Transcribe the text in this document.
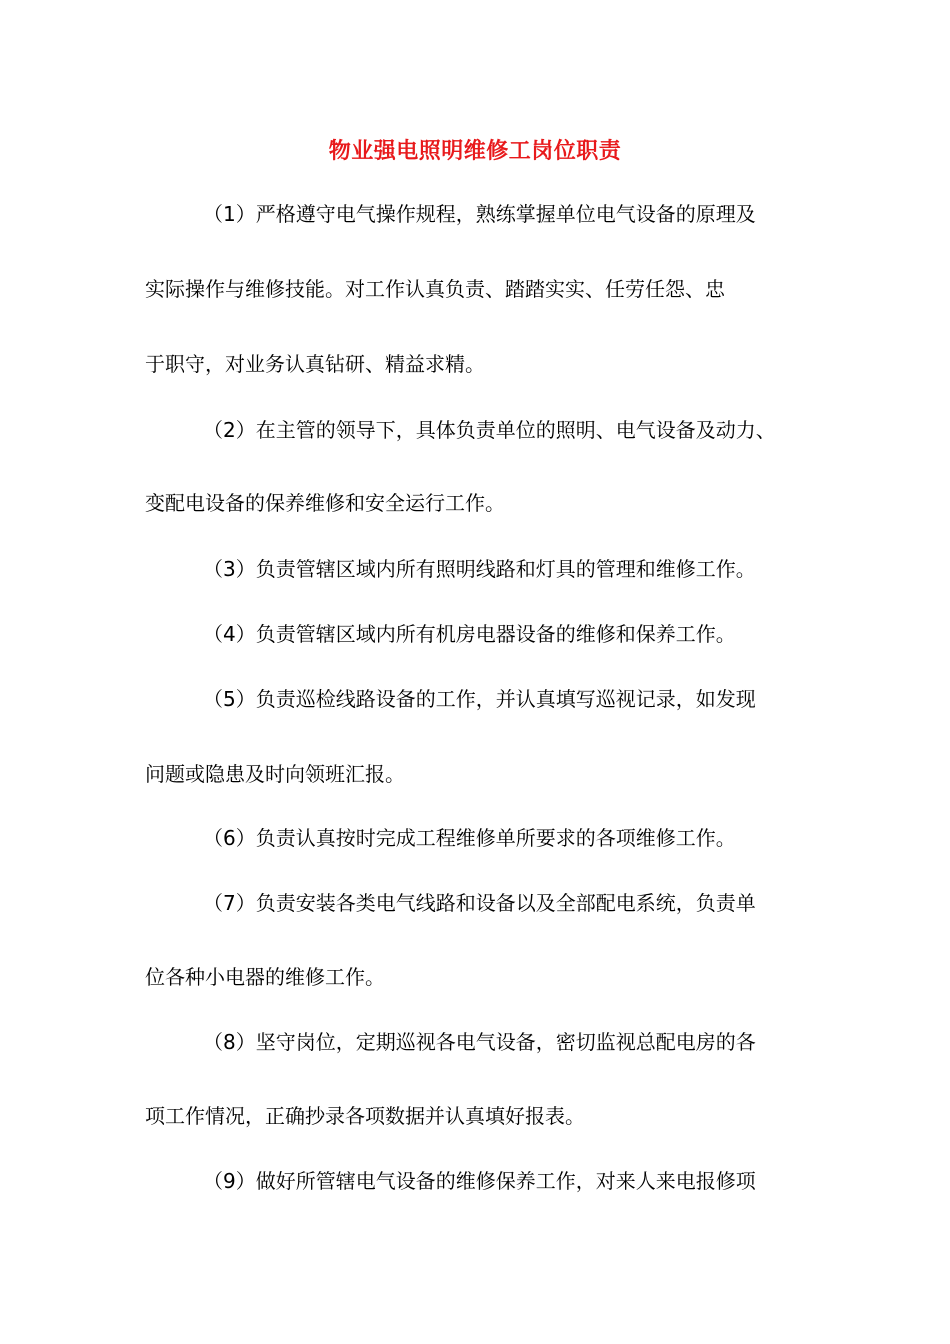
物业强电照明维修工岗位职责
（1）严格遵守电气操作规程，熟练掌握单位电气设备的原理及
实际操作与维修技能。对工作认真负责、踏踏实实、任劳任怨、忠
于职守，对业务认真钻研、精益求精。
（2）在主管的领导下，具体负责单位的照明、电气设备及动力、
变配电设备的保养维修和安全运行工作。
（3）负责管辖区域内所有照明线路和灯具的管理和维修工作。
（4）负责管辖区域内所有机房电器设备的维修和保养工作。
（5）负责巡检线路设备的工作，并认真填写巡视记录，如发现
问题或隐患及时向领班汇报。
（6）负责认真按时完成工程维修单所要求的各项维修工作。
（7）负责安装各类电气线路和设备以及全部配电系统，负责单
位各种小电器的维修工作。
（8）坚守岗位，定期巡视各电气设备，密切监视总配电房的各
项工作情况，正确抄录各项数据并认真填好报表。
（9）做好所管辖电气设备的维修保养工作，对来人来电报修项
